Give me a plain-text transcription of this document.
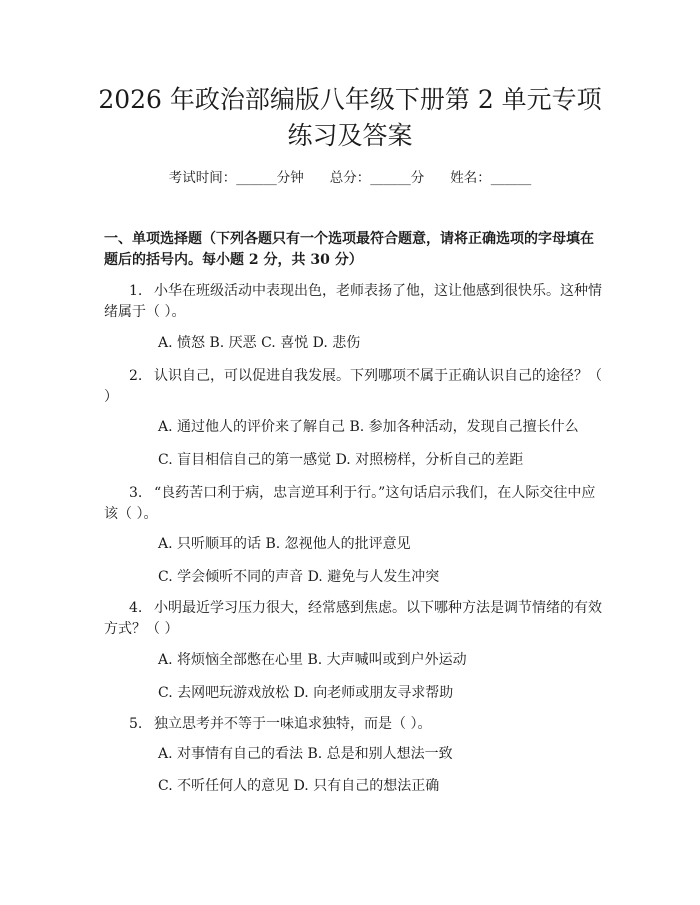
2026 年政治部编版八年级下册第 2 单元专项
练习及答案
考试时间：______分钟 总分：______分 姓名：______
一、单项选择题（下列各题只有一个选项最符合题意，请将正确选项的字母填在题后的括号内。每小题 2 分，共 30 分）
1. 小华在班级活动中表现出色，老师表扬了他，这让他感到很快乐。这种情绪属于（ ）。
A. 愤怒 B. 厌恶 C. 喜悦 D. 悲伤
2. 认识自己，可以促进自我发展。下列哪项不属于正确认识自己的途径？（ ）
A. 通过他人的评价来了解自己 B. 参加各种活动，发现自己擅长什么
C. 盲目相信自己的第一感觉 D. 对照榜样，分析自己的差距
3. “良药苦口利于病，忠言逆耳利于行。”这句话启示我们，在人际交往中应该（ ）。
A. 只听顺耳的话 B. 忽视他人的批评意见
C. 学会倾听不同的声音 D. 避免与人发生冲突
4. 小明最近学习压力很大，经常感到焦虑。以下哪种方法是调节情绪的有效方式？（ ）
A. 将烦恼全部憋在心里 B. 大声喊叫或到户外运动
C. 去网吧玩游戏放松 D. 向老师或朋友寻求帮助
5. 独立思考并不等于一味追求独特，而是（ ）。
A. 对事情有自己的看法 B. 总是和别人想法一致
C. 不听任何人的意见 D. 只有自己的想法正确
